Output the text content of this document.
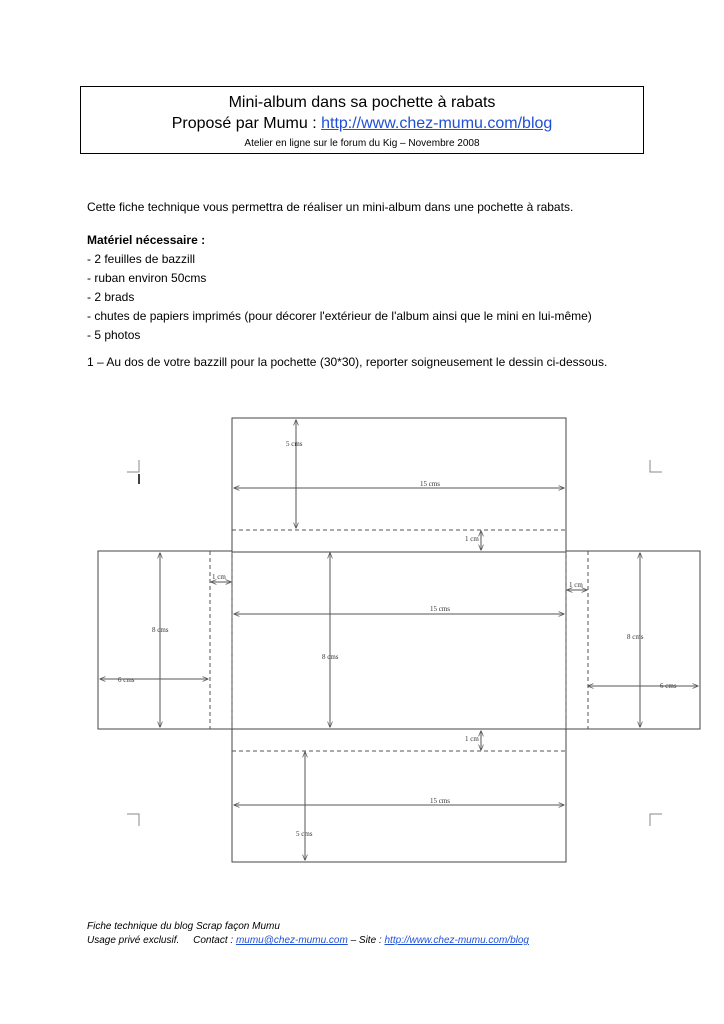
Mini-album dans sa pochette à rabats
Proposé par Mumu : http://www.chez-mumu.com/blog
Atelier en ligne sur le forum du Kig – Novembre 2008
Cette fiche technique vous permettra de réaliser un mini-album dans une pochette à rabats.
Matériel nécessaire :
- 2 feuilles de bazzill
- ruban environ 50cms
- 2 brads
- chutes de papiers imprimés (pour décorer l'extérieur de l'album ainsi que le mini en lui-même)
- 5 photos
1 – Au dos de votre bazzill pour la pochette (30*30), reporter soigneusement le dessin ci-dessous.
5 cms
15 cms
1 cm
1 cm
1 cm
15 cms
8 cms
8 cms
8 cms
6 cms
6 cms
1 cm
15 cms
5 cms
Fiche technique du blog Scrap façon Mumu
Usage privé exclusif.     Contact : mumu@chez-mumu.com – Site : http://www.chez-mumu.com/blog
